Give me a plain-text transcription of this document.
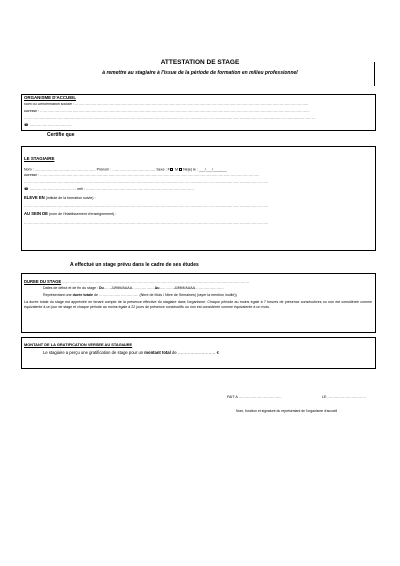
ATTESTATION DE STAGE
à remettre au stagiaire à l'issue de la période de formation en milieu professionnel
ORGANISME D'ACCUEIL
Nom ou Dénomination sociale : ……………………………………………………………………………………………………………………………………………………………………………
Adresse : ………………………………………………………………………………………………………………………………………………………………………………………………………
………………………………………………………………………………………………………………………………………………………………………………………………………………………
☎ ………………………………
Certifie que
LE STAGIAIRE
Nom : …………………………………………… Prénom : ……………………………… Sexe : F M Né(e) le : ___/___/_______
Adresse : …………………………………………………………………………………………………………………………………………………………………
……………………………………………………………………………………………………………………………………………………………………………………
☎ ………………………………… mél : ………………………………………………………………………………
ELEVE EN (intitulé de la formation suivie) :
……………………………………………………………………………………………………………………………………………………………………………………
AU SEIN DE (nom de l'établissement d'enseignement) :
……………………………………………………………………………………………………………………………………………………………………………………
A effectué un stage prévu dans le cadre de ses études
DUREE DU STAGE …………………………………………………………………………………………………………………………………………
Dates de début et de fin du stage : Du……JJ/MM/AAAA……………… Au…………JJ/MM/AAAA……………………
Représentant une durée totale de …………………………… (Nbre de Mois / Nbre de Semaines) (rayer la mention inutile))
La durée totale du stage est appréciée en tenant compte de la présence effective du stagiaire dans l'organisme. Chaque période au moins égale à 7 heures de présence consécutives ou non est considérée comme équivalente à un jour de stage et chaque période au moins égale à 22 jours de présence consécutifs ou non est considérée comme équivalente à un mois.
MONTANT DE LA GRATIFICATION VERSEE AU STAGIAIRE
Le stagiaire a perçu une gratification de stage pour un montant total de ……………………… €
FAIT A ………………………………	LE……………………………
Nom, fonction et signature du représentant de l'organisme d'accueil
